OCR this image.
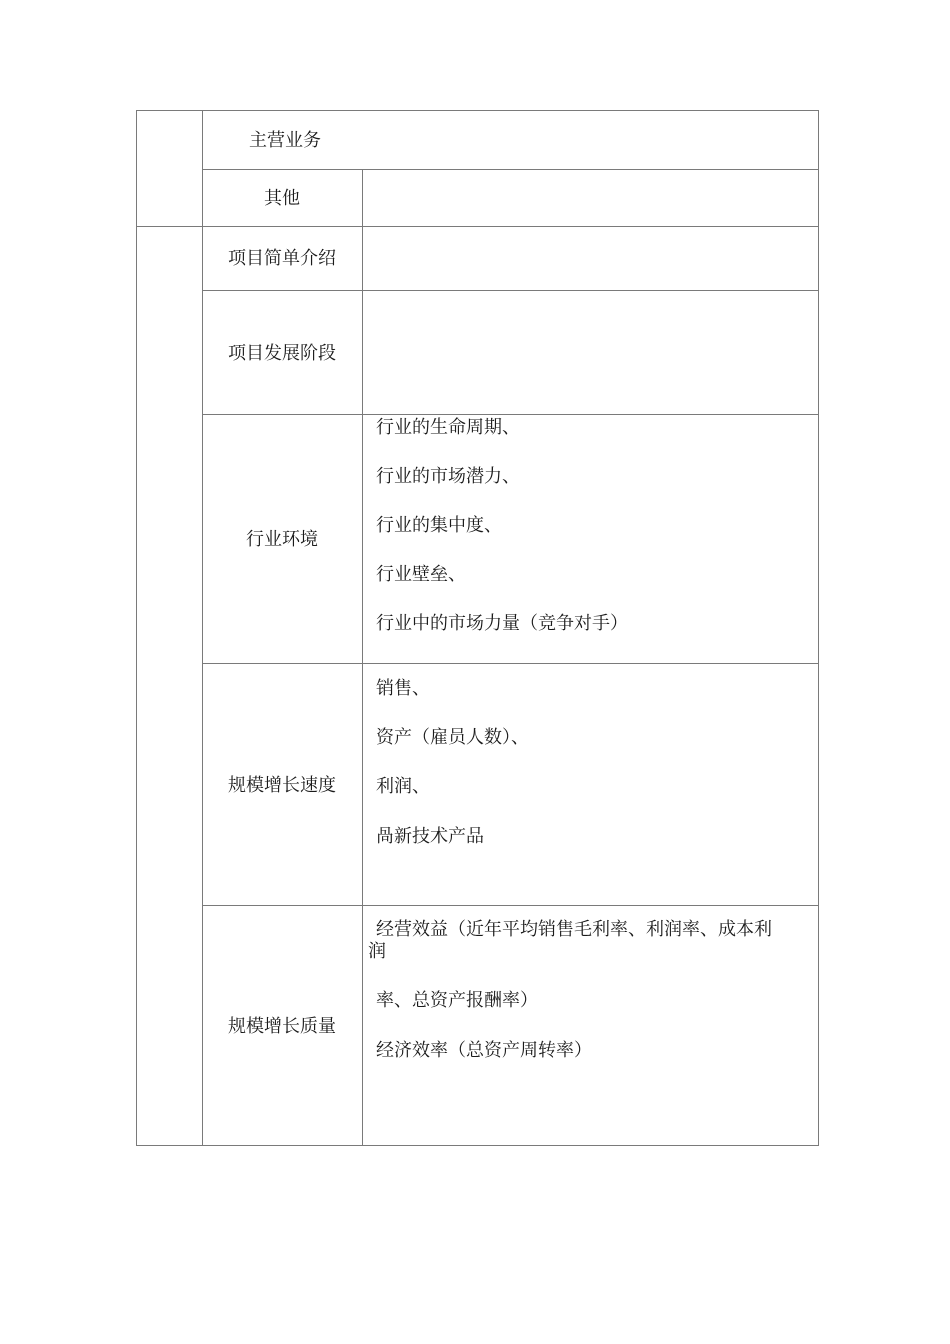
主营业务
其他
项目简单介绍
项目发展阶段
行业环境
行业的生命周期、
行业的市场潜力、
行业的集中度、
行业壁垒、
行业中的市场力量（竞争对手）
规模增长速度
销售、
资产（雇员人数）、
利润、
咼新技术产品
规模增长质量
经营效益（近年平均销售毛利率、利润率、成本利
润
率、总资产报酬率）
经济效率（总资产周转率）
